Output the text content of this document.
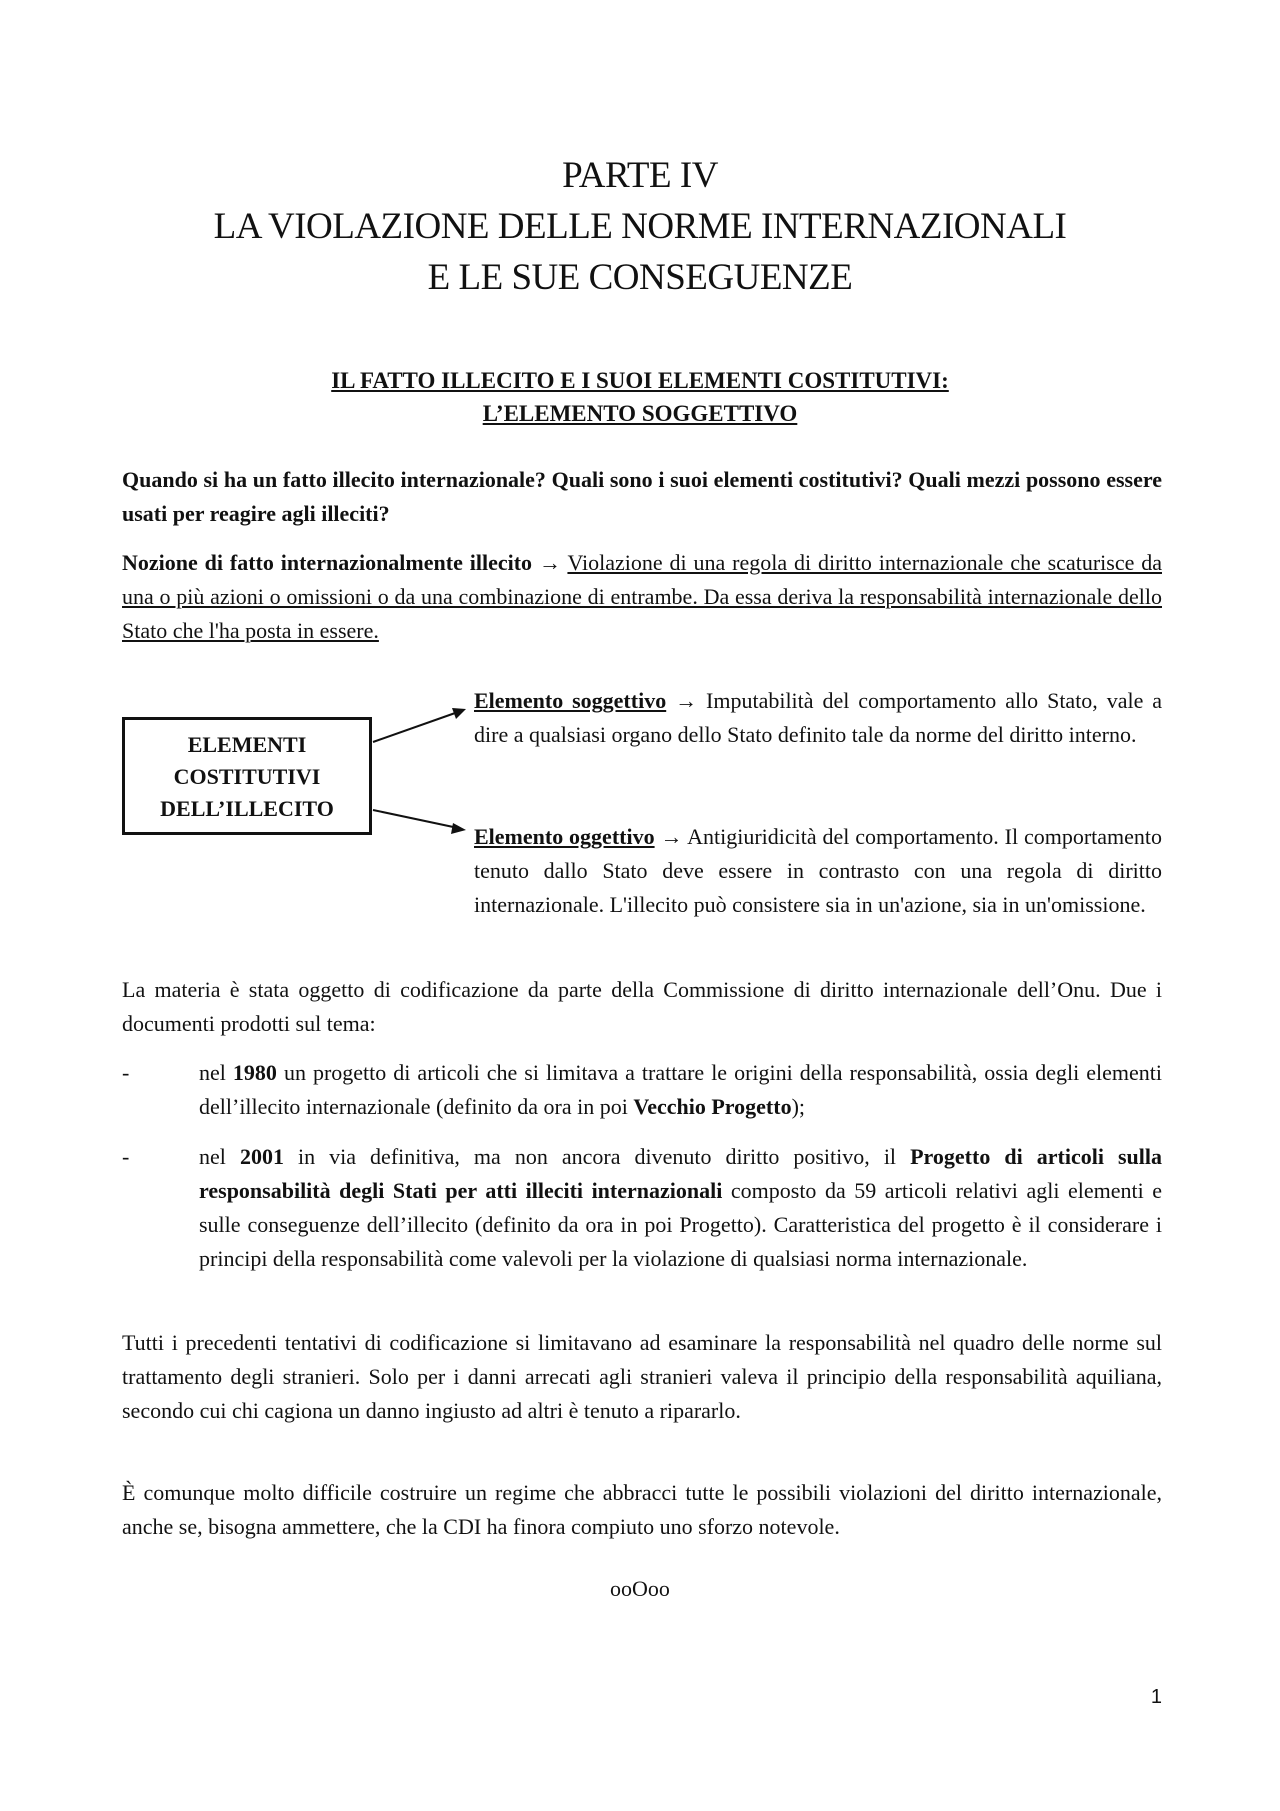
PARTE IV
LA VIOLAZIONE DELLE NORME INTERNAZIONALI
E LE SUE CONSEGUENZE
IL FATTO ILLECITO E I SUOI ELEMENTI COSTITUTIVI:
L’ELEMENTO SOGGETTIVO

Quando si ha un fatto illecito internazionale? Quali sono i suoi elementi costitutivi? Quali mezzi possono essere usati per reagire agli illeciti?

Nozione di fatto internazionalmente illecito → Violazione di una regola di diritto internazionale che scaturisce da una o più azioni o omissioni o da una combinazione di entrambe. Da essa deriva la responsabilità internazionale dello Stato che l'ha posta in essere.

ELEMENTI
COSTITUTIVI
DELL’ILLECITO

Elemento soggettivo → Imputabilità del comportamento allo Stato, vale a dire a qualsiasi organo dello Stato definito tale da norme del diritto interno.

Elemento oggettivo → Antigiuridicità del comportamento. Il comportamento tenuto dallo Stato deve essere in contrasto con una regola di diritto internazionale. L'illecito può consistere sia in un'azione, sia in un'omissione.

La materia è stata oggetto di codificazione da parte della Commissione di diritto internazionale dell’Onu. Due i documenti prodotti sul tema:

-	nel 1980 un progetto di articoli che si limitava a trattare le origini della responsabilità, ossia degli elementi dell’illecito internazionale (definito da ora in poi Vecchio Progetto);

-	nel 2001 in via definitiva, ma non ancora divenuto diritto positivo, il Progetto di articoli sulla responsabilità degli Stati per atti illeciti internazionali composto da 59 articoli relativi agli elementi e sulle conseguenze dell’illecito (definito da ora in poi Progetto). Caratteristica del progetto è il considerare i principi della responsabilità come valevoli per la violazione di qualsiasi norma internazionale.

Tutti i precedenti tentativi di codificazione si limitavano ad esaminare la responsabilità nel quadro delle norme sul trattamento degli stranieri. Solo per i danni arrecati agli stranieri valeva il principio della responsabilità aquiliana, secondo cui chi cagiona un danno ingiusto ad altri è tenuto a ripararlo.

È comunque molto difficile costruire un regime che abbracci tutte le possibili violazioni del diritto internazionale, anche se, bisogna ammettere, che la CDI ha finora compiuto uno sforzo notevole.

ooOoo
1
